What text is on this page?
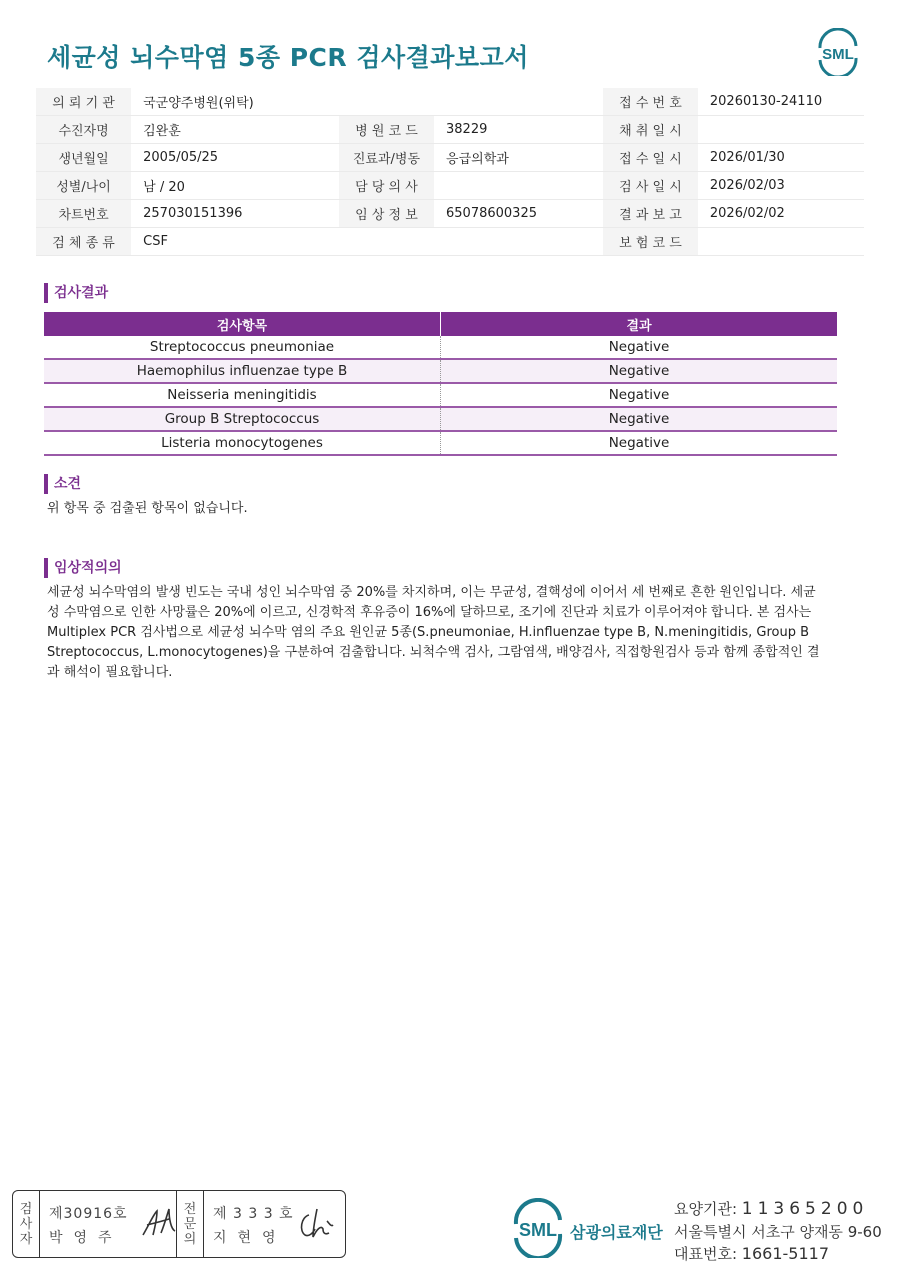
세균성 뇌수막염 5종 PCR 검사결과보고서	SML
의 뢰 기 관	국군양주병원(위탁)			접 수 번 호	20260130-24110
수진자명	김완훈	병 원 코 드	38229	채 취 일 시	
생년월일	2005/05/25	진료과/병동	응급의학과	접 수 일 시	2026/01/30
성별/나이	남 / 20	담 당 의 사		검 사 일 시	2026/02/03
차트번호	257030151396	임 상 정 보	65078600325	결 과 보 고	2026/02/02
검 체 종 류	CSF			보 험 코 드	
검사결과
검사항목	결과
Streptococcus pneumoniae	Negative
Haemophilus influenzae type B	Negative
Neisseria meningitidis	Negative
Group B Streptococcus	Negative
Listeria monocytogenes	Negative
소견
위 항목 중 검출된 항목이 없습니다.
임상적의의
세균성 뇌수막염의 발생 빈도는 국내 성인 뇌수막염 중 20%를 차지하며, 이는 무균성, 결핵성에 이어서 세 번째로 흔한 원인입니다. 세균성 수막염으로 인한 사망률은 20%에 이르고, 신경학적 후유증이 16%에 달하므로, 조기에 진단과 치료가 이루어져야 합니다. 본 검사는 Multiplex PCR 검사법으로 세균성 뇌수막 염의 주요 원인균 5종(S.pneumoniae, H.influenzae type B, N.meningitidis, Group B Streptococcus, L.monocytogenes)을 구분하여 검출합니다. 뇌척수액 검사, 그람염색, 배양검사, 직접항원검사 등과 함께 종합적인 결과 해석이 필요합니다.
검
사
자
제30916호
박영주
전
문
의
제 3 3 3 호
지현영	SML 삼광의료재단
요양기관: 11365200
서울특별시 서초구 양재동 9-60
대표번호: 1661-5117
